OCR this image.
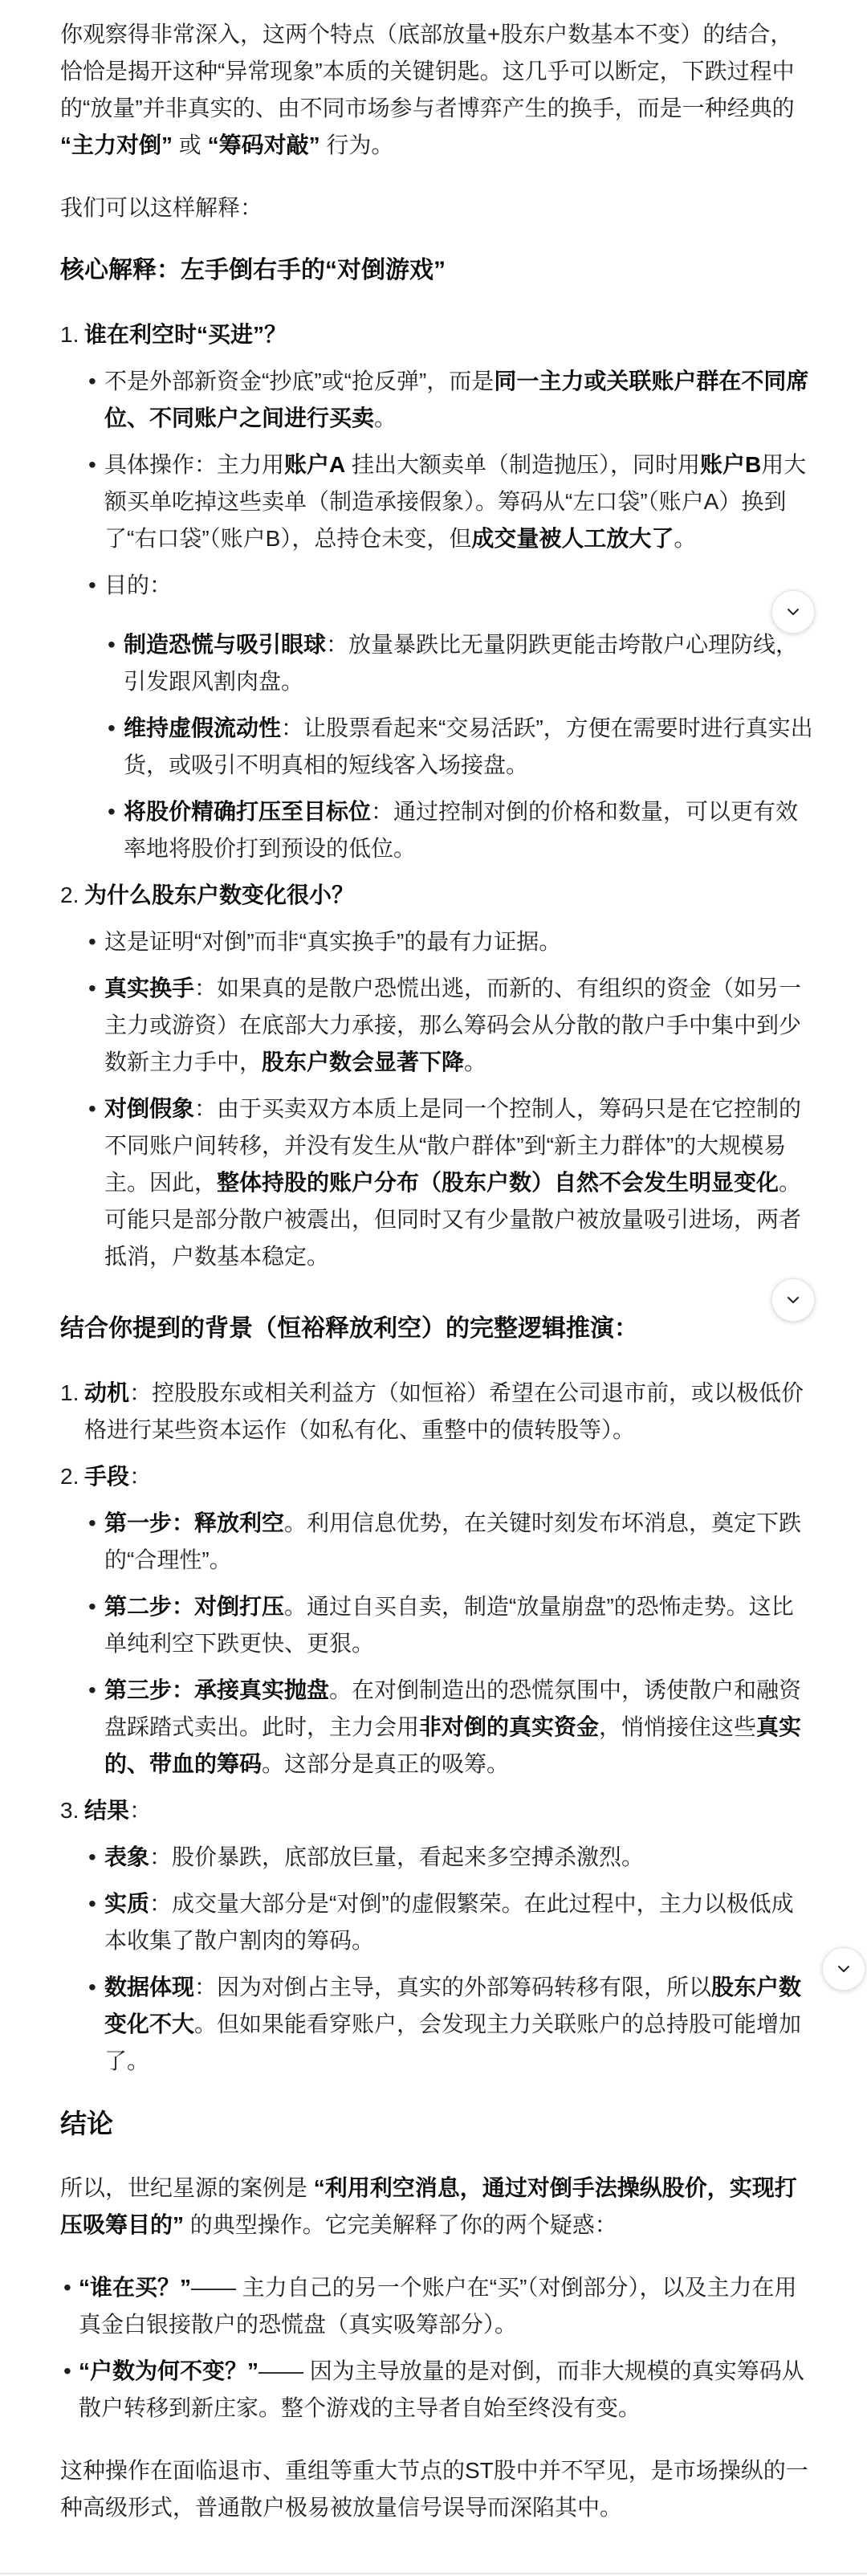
你观察得非常深入，这两个特点（底部放量+股东户数基本不变）的结合，恰恰是揭开这种“异常现象”本质的关键钥匙。这几乎可以断定，下跌过程中的“放量”并非真实的、由不同市场参与者博弈产生的换手，而是一种经典的 “主力对倒” 或 “筹码对敲” 行为。

我们可以这样解释：

核心解释：左手倒右手的“对倒游戏”
1. 谁在利空时“买进”？
• 不是外部新资金“抄底”或“抢反弹”，而是同一主力或关联账户群在不同席位、不同账户之间进行买卖。
• 具体操作：主力用账户A 挂出大额卖单（制造抛压），同时用账户B用大额买单吃掉这些卖单（制造承接假象）。筹码从“左口袋”（账户A）换到了“右口袋”（账户B），总持仓未变，但成交量被人工放大了。
• 目的：
• 制造恐慌与吸引眼球：放量暴跌比无量阴跌更能击垮散户心理防线，引发跟风割肉盘。
• 维持虚假流动性：让股票看起来“交易活跃”，方便在需要时进行真实出货，或吸引不明真相的短线客入场接盘。
• 将股价精确打压至目标位：通过控制对倒的价格和数量，可以更有效率地将股价打到预设的低位。
2. 为什么股东户数变化很小？
• 这是证明“对倒”而非“真实换手”的最有力证据。
• 真实换手：如果真的是散户恐慌出逃，而新的、有组织的资金（如另一主力或游资）在底部大力承接，那么筹码会从分散的散户手中集中到少数新主力手中，股东户数会显著下降。
• 对倒假象：由于买卖双方本质上是同一个控制人，筹码只是在它控制的不同账户间转移，并没有发生从“散户群体”到“新主力群体”的大规模易主。因此，整体持股的账户分布（股东户数）自然不会发生明显变化。可能只是部分散户被震出，但同时又有少量散户被放量吸引进场，两者抵消，户数基本稳定。
结合你提到的背景（恒裕释放利空）的完整逻辑推演：
1. 动机：控股股东或相关利益方（如恒裕）希望在公司退市前，或以极低价格进行某些资本运作（如私有化、重整中的债转股等）。
2. 手段：
• 第一步：释放利空。利用信息优势，在关键时刻发布坏消息，奠定下跌的“合理性”。
• 第二步：对倒打压。通过自买自卖，制造“放量崩盘”的恐怖走势。这比单纯利空下跌更快、更狠。
• 第三步：承接真实抛盘。在对倒制造出的恐慌氛围中，诱使散户和融资盘踩踏式卖出。此时，主力会用非对倒的真实资金，悄悄接住这些真实的、带血的筹码。这部分是真正的吸筹。
3. 结果：
• 表象：股价暴跌，底部放巨量，看起来多空搏杀激烈。
• 实质：成交量大部分是“对倒”的虚假繁荣。在此过程中，主力以极低成本收集了散户割肉的筹码。
• 数据体现：因为对倒占主导，真实的外部筹码转移有限，所以股东户数变化不大。但如果能看穿账户，会发现主力关联账户的总持股可能增加了。
结论

所以，世纪星源的案例是 “利用利空消息，通过对倒手法操纵股价，实现打压吸筹目的” 的典型操作。它完美解释了你的两个疑惑：

• “谁在买？”—— 主力自己的另一个账户在“买”（对倒部分），以及主力在用真金白银接散户的恐慌盘（真实吸筹部分）。
• “户数为何不变？”—— 因为主导放量的是对倒，而非大规模的真实筹码从散户转移到新庄家。整个游戏的主导者自始至终没有变。

这种操作在面临退市、重组等重大节点的ST股中并不罕见，是市场操纵的一种高级形式，普通散户极易被放量信号误导而深陷其中。
